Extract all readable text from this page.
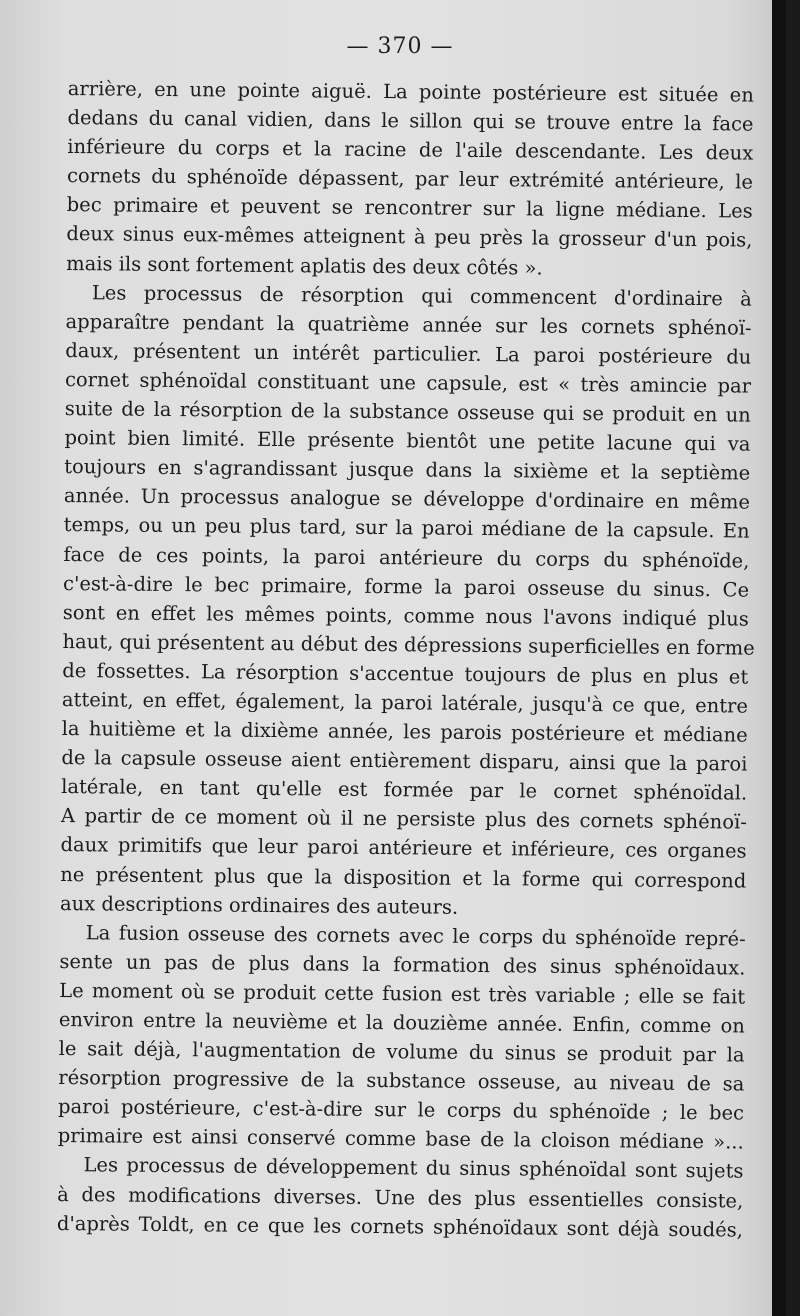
— 370 —
arrière, en une pointe aiguë. La pointe postérieure est située en
dedans du canal vidien, dans le sillon qui se trouve entre la face
inférieure du corps et la racine de l'aile descendante. Les deux
cornets du sphénoïde dépassent, par leur extrémité antérieure, le
bec primaire et peuvent se rencontrer sur la ligne médiane. Les
deux sinus eux-mêmes atteignent à peu près la grosseur d'un pois,
mais ils sont fortement aplatis des deux côtés ».
Les processus de résorption qui commencent d'ordinaire à
apparaître pendant la quatrième année sur les cornets sphénoï-
daux, présentent un intérêt particulier. La paroi postérieure du
cornet sphénoïdal constituant une capsule, est « très amincie par
suite de la résorption de la substance osseuse qui se produit en un
point bien limité. Elle présente bientôt une petite lacune qui va
toujours en s'agrandissant jusque dans la sixième et la septième
année. Un processus analogue se développe d'ordinaire en même
temps, ou un peu plus tard, sur la paroi médiane de la capsule. En
face de ces points, la paroi antérieure du corps du sphénoïde,
c'est-à-dire le bec primaire, forme la paroi osseuse du sinus. Ce
sont en effet les mêmes points, comme nous l'avons indiqué plus
haut, qui présentent au début des dépressions superficielles en forme
de fossettes. La résorption s'accentue toujours de plus en plus et
atteint, en effet, également, la paroi latérale, jusqu'à ce que, entre
la huitième et la dixième année, les parois postérieure et médiane
de la capsule osseuse aient entièrement disparu, ainsi que la paroi
latérale, en tant qu'elle est formée par le cornet sphénoïdal.
A partir de ce moment où il ne persiste plus des cornets sphénoï-
daux primitifs que leur paroi antérieure et inférieure, ces organes
ne présentent plus que la disposition et la forme qui correspond
aux descriptions ordinaires des auteurs.
La fusion osseuse des cornets avec le corps du sphénoïde repré-
sente un pas de plus dans la formation des sinus sphénoïdaux.
Le moment où se produit cette fusion est très variable ; elle se fait
environ entre la neuvième et la douzième année. Enfin, comme on
le sait déjà, l'augmentation de volume du sinus se produit par la
résorption progressive de la substance osseuse, au niveau de sa
paroi postérieure, c'est-à-dire sur le corps du sphénoïde ; le bec
primaire est ainsi conservé comme base de la cloison médiane »...
Les processus de développement du sinus sphénoïdal sont sujets
à des modifications diverses. Une des plus essentielles consiste,
d'après Toldt, en ce que les cornets sphénoïdaux sont déjà soudés,
